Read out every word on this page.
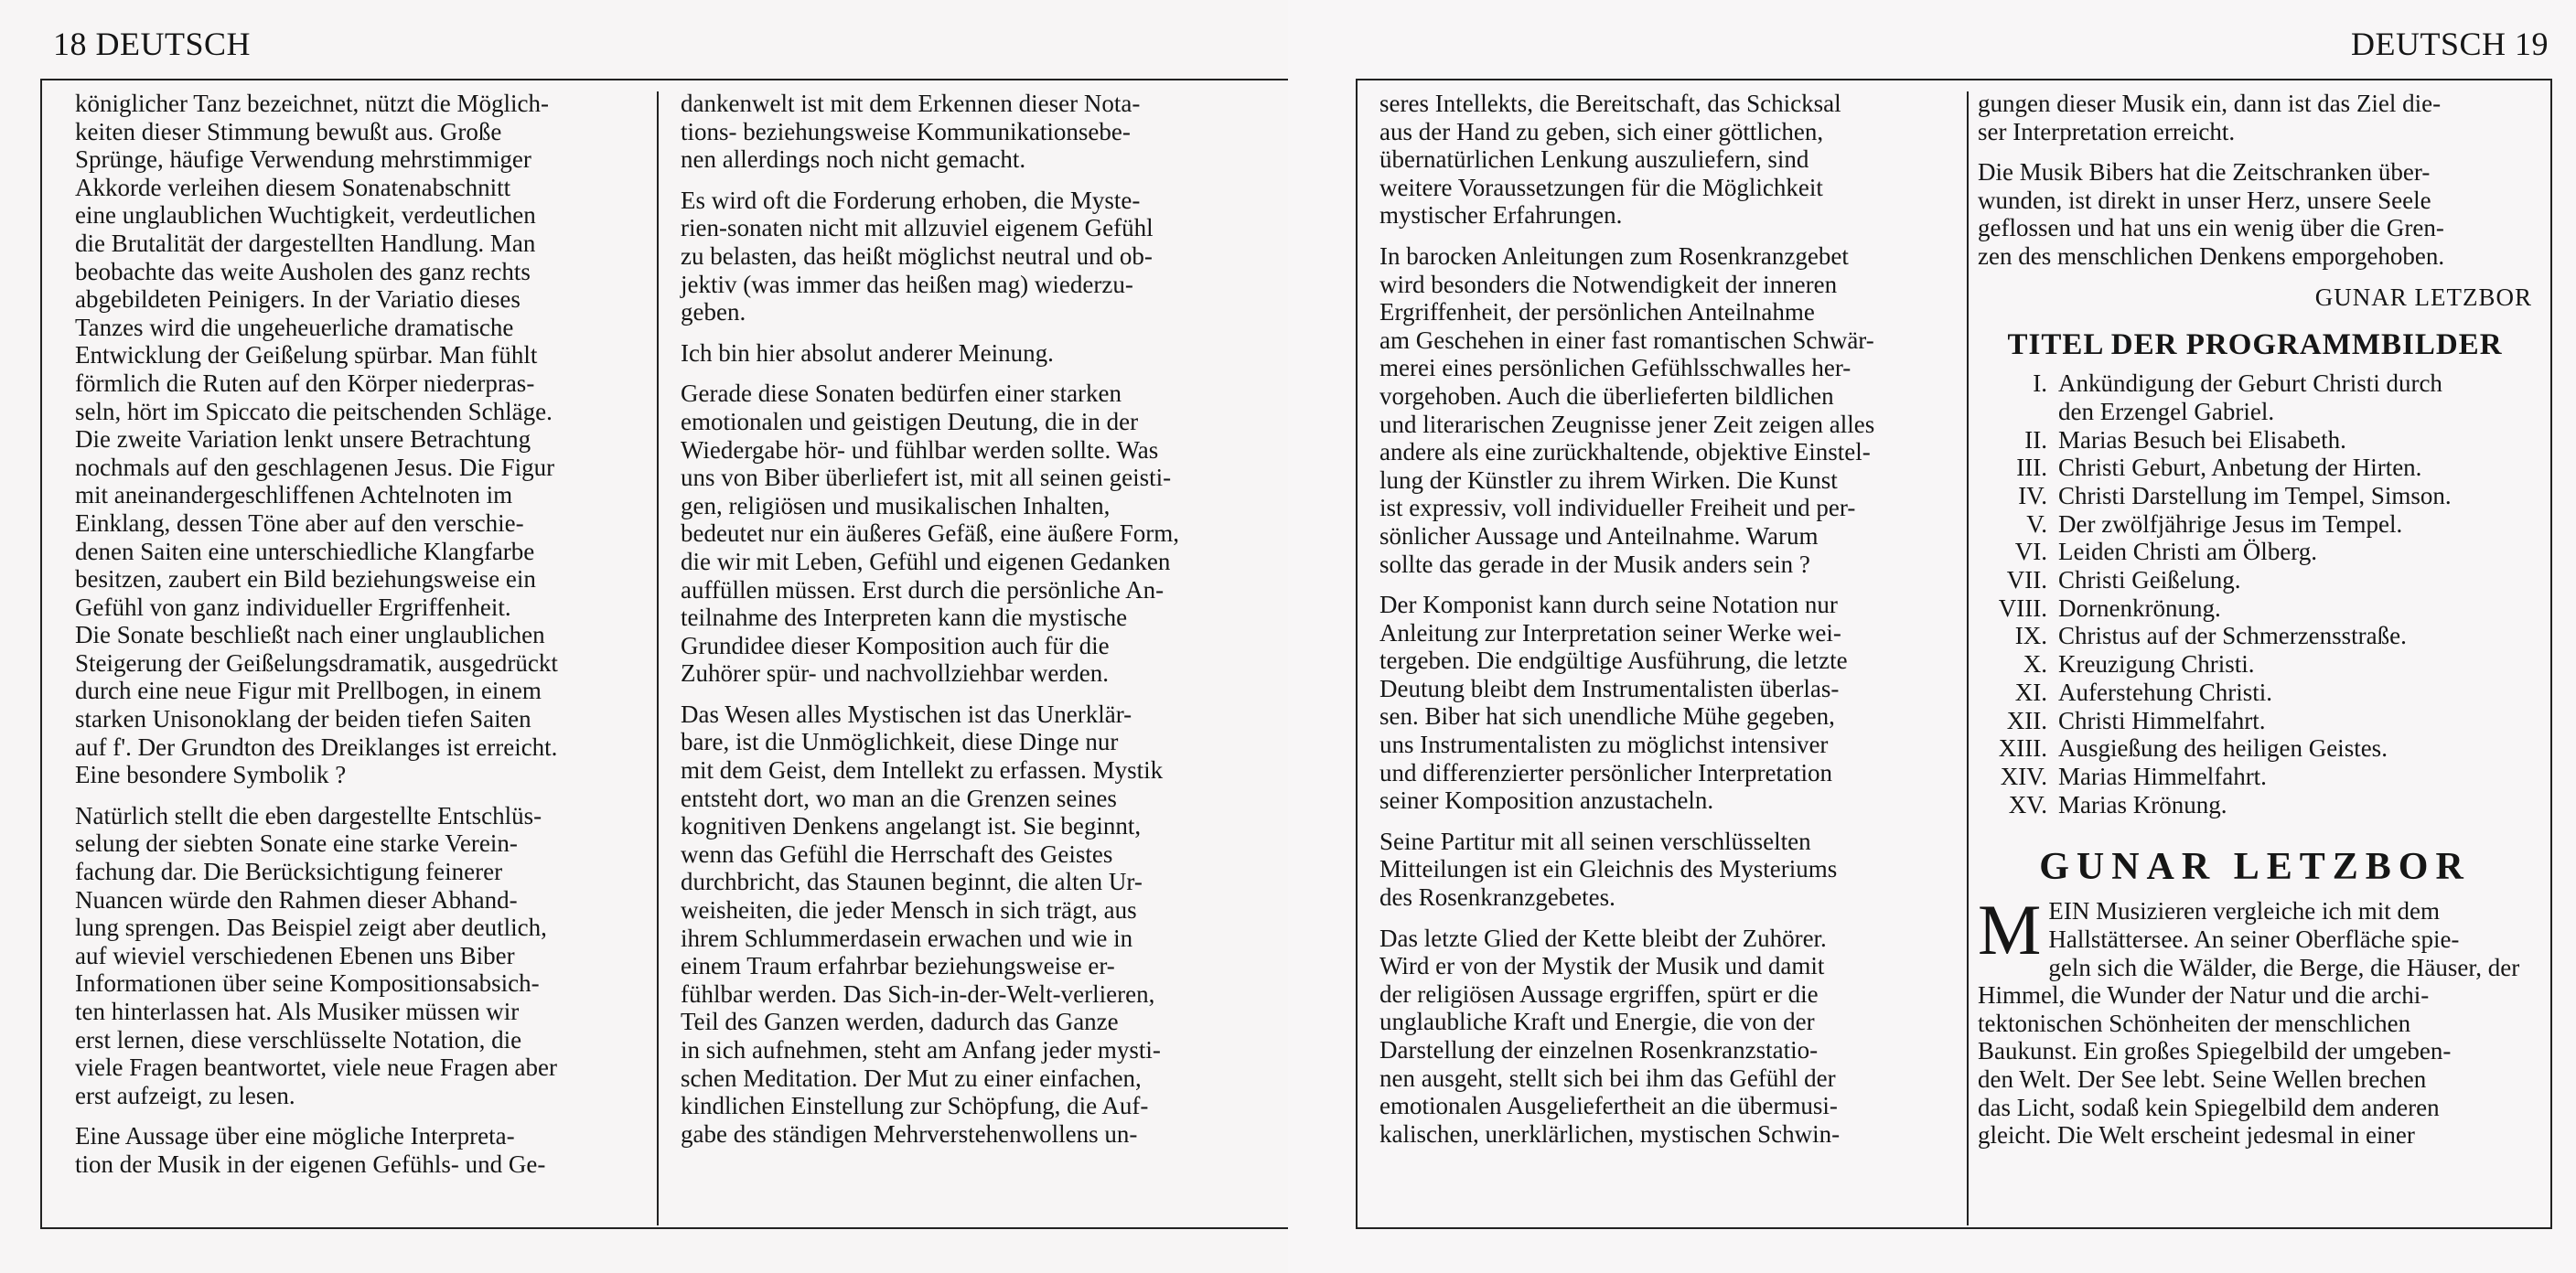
18 DEUTSCH

königlicher Tanz bezeichnet, nützt die Möglich-
keiten dieser Stimmung bewußt aus. Große
Sprünge, häufige Verwendung mehrstimmiger
Akkorde verleihen diesem Sonatenabschnitt
eine unglaublichen Wuchtigkeit, verdeutlichen
die Brutalität der dargestellten Handlung. Man
beobachte das weite Ausholen des ganz rechts
abgebildeten Peinigers. In der Variatio dieses
Tanzes wird die ungeheuerliche dramatische
Entwicklung der Geißelung spürbar. Man fühlt
förmlich die Ruten auf den Körper niederpras-
seln, hört im Spiccato die peitschenden Schläge.
Die zweite Variation lenkt unsere Betrachtung
nochmals auf den geschlagenen Jesus. Die Figur
mit aneinandergeschliffenen Achtelnoten im
Einklang, dessen Töne aber auf den verschie-
denen Saiten eine unterschiedliche Klangfarbe
besitzen, zaubert ein Bild beziehungsweise ein
Gefühl von ganz individueller Ergriffenheit.
Die Sonate beschließt nach einer unglaublichen
Steigerung der Geißelungsdramatik, ausgedrückt
durch eine neue Figur mit Prellbogen, in einem
starken Unisonoklang der beiden tiefen Saiten
auf f'. Der Grundton des Dreiklanges ist erreicht.
Eine besondere Symbolik ?

Natürlich stellt die eben dargestellte Entschlüs-
selung der siebten Sonate eine starke Verein-
fachung dar. Die Berücksichtigung feinerer
Nuancen würde den Rahmen dieser Abhand-
lung sprengen. Das Beispiel zeigt aber deutlich,
auf wieviel verschiedenen Ebenen uns Biber
Informationen über seine Kompositionsabsich-
ten hinterlassen hat. Als Musiker müssen wir
erst lernen, diese verschlüsselte Notation, die
viele Fragen beantwortet, viele neue Fragen aber
erst aufzeigt, zu lesen.

Eine Aussage über eine mögliche Interpreta-
tion der Musik in der eigenen Gefühls- und Ge-

dankenwelt ist mit dem Erkennen dieser Nota-
tions- beziehungsweise Kommunikationsebe-
nen allerdings noch nicht gemacht.

Es wird oft die Forderung erhoben, die Myste-
rien-sonaten nicht mit allzuviel eigenem Gefühl
zu belasten, das heißt möglichst neutral und ob-
jektiv (was immer das heißen mag) wiederzu-
geben.

Ich bin hier absolut anderer Meinung.

Gerade diese Sonaten bedürfen einer starken
emotionalen und geistigen Deutung, die in der
Wiedergabe hör- und fühlbar werden sollte. Was
uns von Biber überliefert ist, mit all seinen geisti-
gen, religiösen und musikalischen Inhalten,
bedeutet nur ein äußeres Gefäß, eine äußere Form,
die wir mit Leben, Gefühl und eigenen Gedanken
auffüllen müssen. Erst durch die persönliche An-
teilnahme des Interpreten kann die mystische
Grundidee dieser Komposition auch für die
Zuhörer spür- und nachvollziehbar werden.

Das Wesen alles Mystischen ist das Unerklär-
bare, ist die Unmöglichkeit, diese Dinge nur
mit dem Geist, dem Intellekt zu erfassen. Mystik
entsteht dort, wo man an die Grenzen seines
kognitiven Denkens angelangt ist. Sie beginnt,
wenn das Gefühl die Herrschaft des Geistes
durchbricht, das Staunen beginnt, die alten Ur-
weisheiten, die jeder Mensch in sich trägt, aus
ihrem Schlummerdasein erwachen und wie in
einem Traum erfahrbar beziehungsweise er-
fühlbar werden. Das Sich-in-der-Welt-verlieren,
Teil des Ganzen werden, dadurch das Ganze
in sich aufnehmen, steht am Anfang jeder mysti-
schen Meditation. Der Mut zu einer einfachen,
kindlichen Einstellung zur Schöpfung, die Auf-
gabe des ständigen Mehrverstehenwollens un-

DEUTSCH 19

seres Intellekts, die Bereitschaft, das Schicksal
aus der Hand zu geben, sich einer göttlichen,
übernatürlichen Lenkung auszuliefern, sind
weitere Voraussetzungen für die Möglichkeit
mystischer Erfahrungen.

In barocken Anleitungen zum Rosenkranzgebet
wird besonders die Notwendigkeit der inneren
Ergriffenheit, der persönlichen Anteilnahme
am Geschehen in einer fast romantischen Schwär-
merei eines persönlichen Gefühlsschwalles her-
vorgehoben. Auch die überlieferten bildlichen
und literarischen Zeugnisse jener Zeit zeigen alles
andere als eine zurückhaltende, objektive Einstel-
lung der Künstler zu ihrem Wirken. Die Kunst
ist expressiv, voll individueller Freiheit und per-
sönlicher Aussage und Anteilnahme. Warum
sollte das gerade in der Musik anders sein ?

Der Komponist kann durch seine Notation nur
Anleitung zur Interpretation seiner Werke wei-
tergeben. Die endgültige Ausführung, die letzte
Deutung bleibt dem Instrumentalisten überlas-
sen. Biber hat sich unendliche Mühe gegeben,
uns Instrumentalisten zu möglichst intensiver
und differenzierter persönlicher Interpretation
seiner Komposition anzustacheln.

Seine Partitur mit all seinen verschlüsselten
Mitteilungen ist ein Gleichnis des Mysteriums
des Rosenkranzgebetes.

Das letzte Glied der Kette bleibt der Zuhörer.
Wird er von der Mystik der Musik und damit
der religiösen Aussage ergriffen, spürt er die
unglaubliche Kraft und Energie, die von der
Darstellung der einzelnen Rosenkranzstatio-
nen ausgeht, stellt sich bei ihm das Gefühl der
emotionalen Ausgeliefertheit an die übermusi-
kalischen, unerklärlichen, mystischen Schwin-

gungen dieser Musik ein, dann ist das Ziel die-
ser Interpretation erreicht.

Die Musik Bibers hat die Zeitschranken über-
wunden, ist direkt in unser Herz, unsere Seele
geflossen und hat uns ein wenig über die Gren-
zen des menschlichen Denkens emporgehoben.

GUNAR LETZBOR
TITEL DER PROGRAMMBILDER
I. Ankündigung der Geburt Christi durch
den Erzengel Gabriel.
II. Marias Besuch bei Elisabeth.
III. Christi Geburt, Anbetung der Hirten.
IV. Christi Darstellung im Tempel, Simson.
V. Der zwölfjährige Jesus im Tempel.
VI. Leiden Christi am Ölberg.
VII. Christi Geißelung.
VIII. Dornenkrönung.
IX. Christus auf der Schmerzensstraße.
X. Kreuzigung Christi.
XI. Auferstehung Christi.
XII. Christi Himmelfahrt.
XIII. Ausgießung des heiligen Geistes.
XIV. Marias Himmelfahrt.
XV. Marias Krönung.
GUNAR LETZBOR

MEIN Musizieren vergleiche ich mit dem
Hallstättersee. An seiner Oberfläche spie-
geln sich die Wälder, die Berge, die Häuser, der
Himmel, die Wunder der Natur und die archi-
tektonischen Schönheiten der menschlichen
Baukunst. Ein großes Spiegelbild der umgeben-
den Welt. Der See lebt. Seine Wellen brechen
das Licht, sodaß kein Spiegelbild dem anderen
gleicht. Die Welt erscheint jedesmal in einer
